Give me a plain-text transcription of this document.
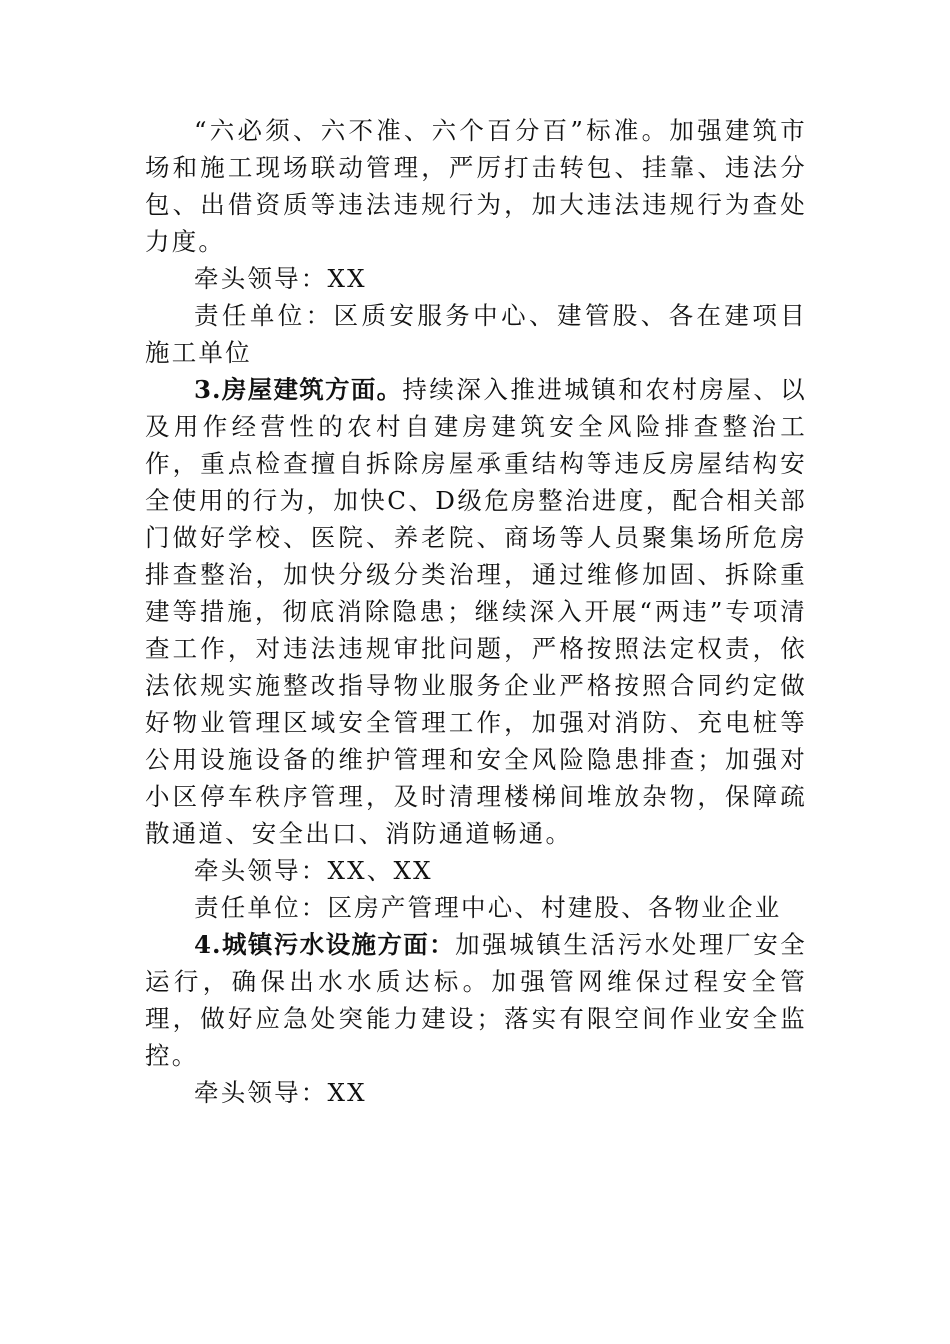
“六必须、六不准、六个百分百”标准。加强建筑市场和施工现场联动管理，严厉打击转包、挂靠、违法分包、出借资质等违法违规行为，加大违法违规行为查处力度。

牵头领导：XX

责任单位：区质安服务中心、建管股、各在建项目施工单位

3.房屋建筑方面。持续深入推进城镇和农村房屋、以及用作经营性的农村自建房建筑安全风险排查整治工作，重点检查擅自拆除房屋承重结构等违反房屋结构安全使用的行为，加快C、D级危房整治进度，配合相关部门做好学校、医院、养老院、商场等人员聚集场所危房排查整治，加快分级分类治理，通过维修加固、拆除重建等措施，彻底消除隐患；继续深入开展“两违”专项清查工作，对违法违规审批问题，严格按照法定权责，依法依规实施整改指导物业服务企业严格按照合同约定做好物业管理区域安全管理工作，加强对消防、充电桩等公用设施设备的维护管理和安全风险隐患排查；加强对小区停车秩序管理，及时清理楼梯间堆放杂物，保障疏散通道、安全出口、消防通道畅通。

牵头领导：XX、XX

责任单位：区房产管理中心、村建股、各物业企业

4.城镇污水设施方面：加强城镇生活污水处理厂安全运行，确保出水水质达标。加强管网维保过程安全管理，做好应急处突能力建设；落实有限空间作业安全监控。

牵头领导：XX
